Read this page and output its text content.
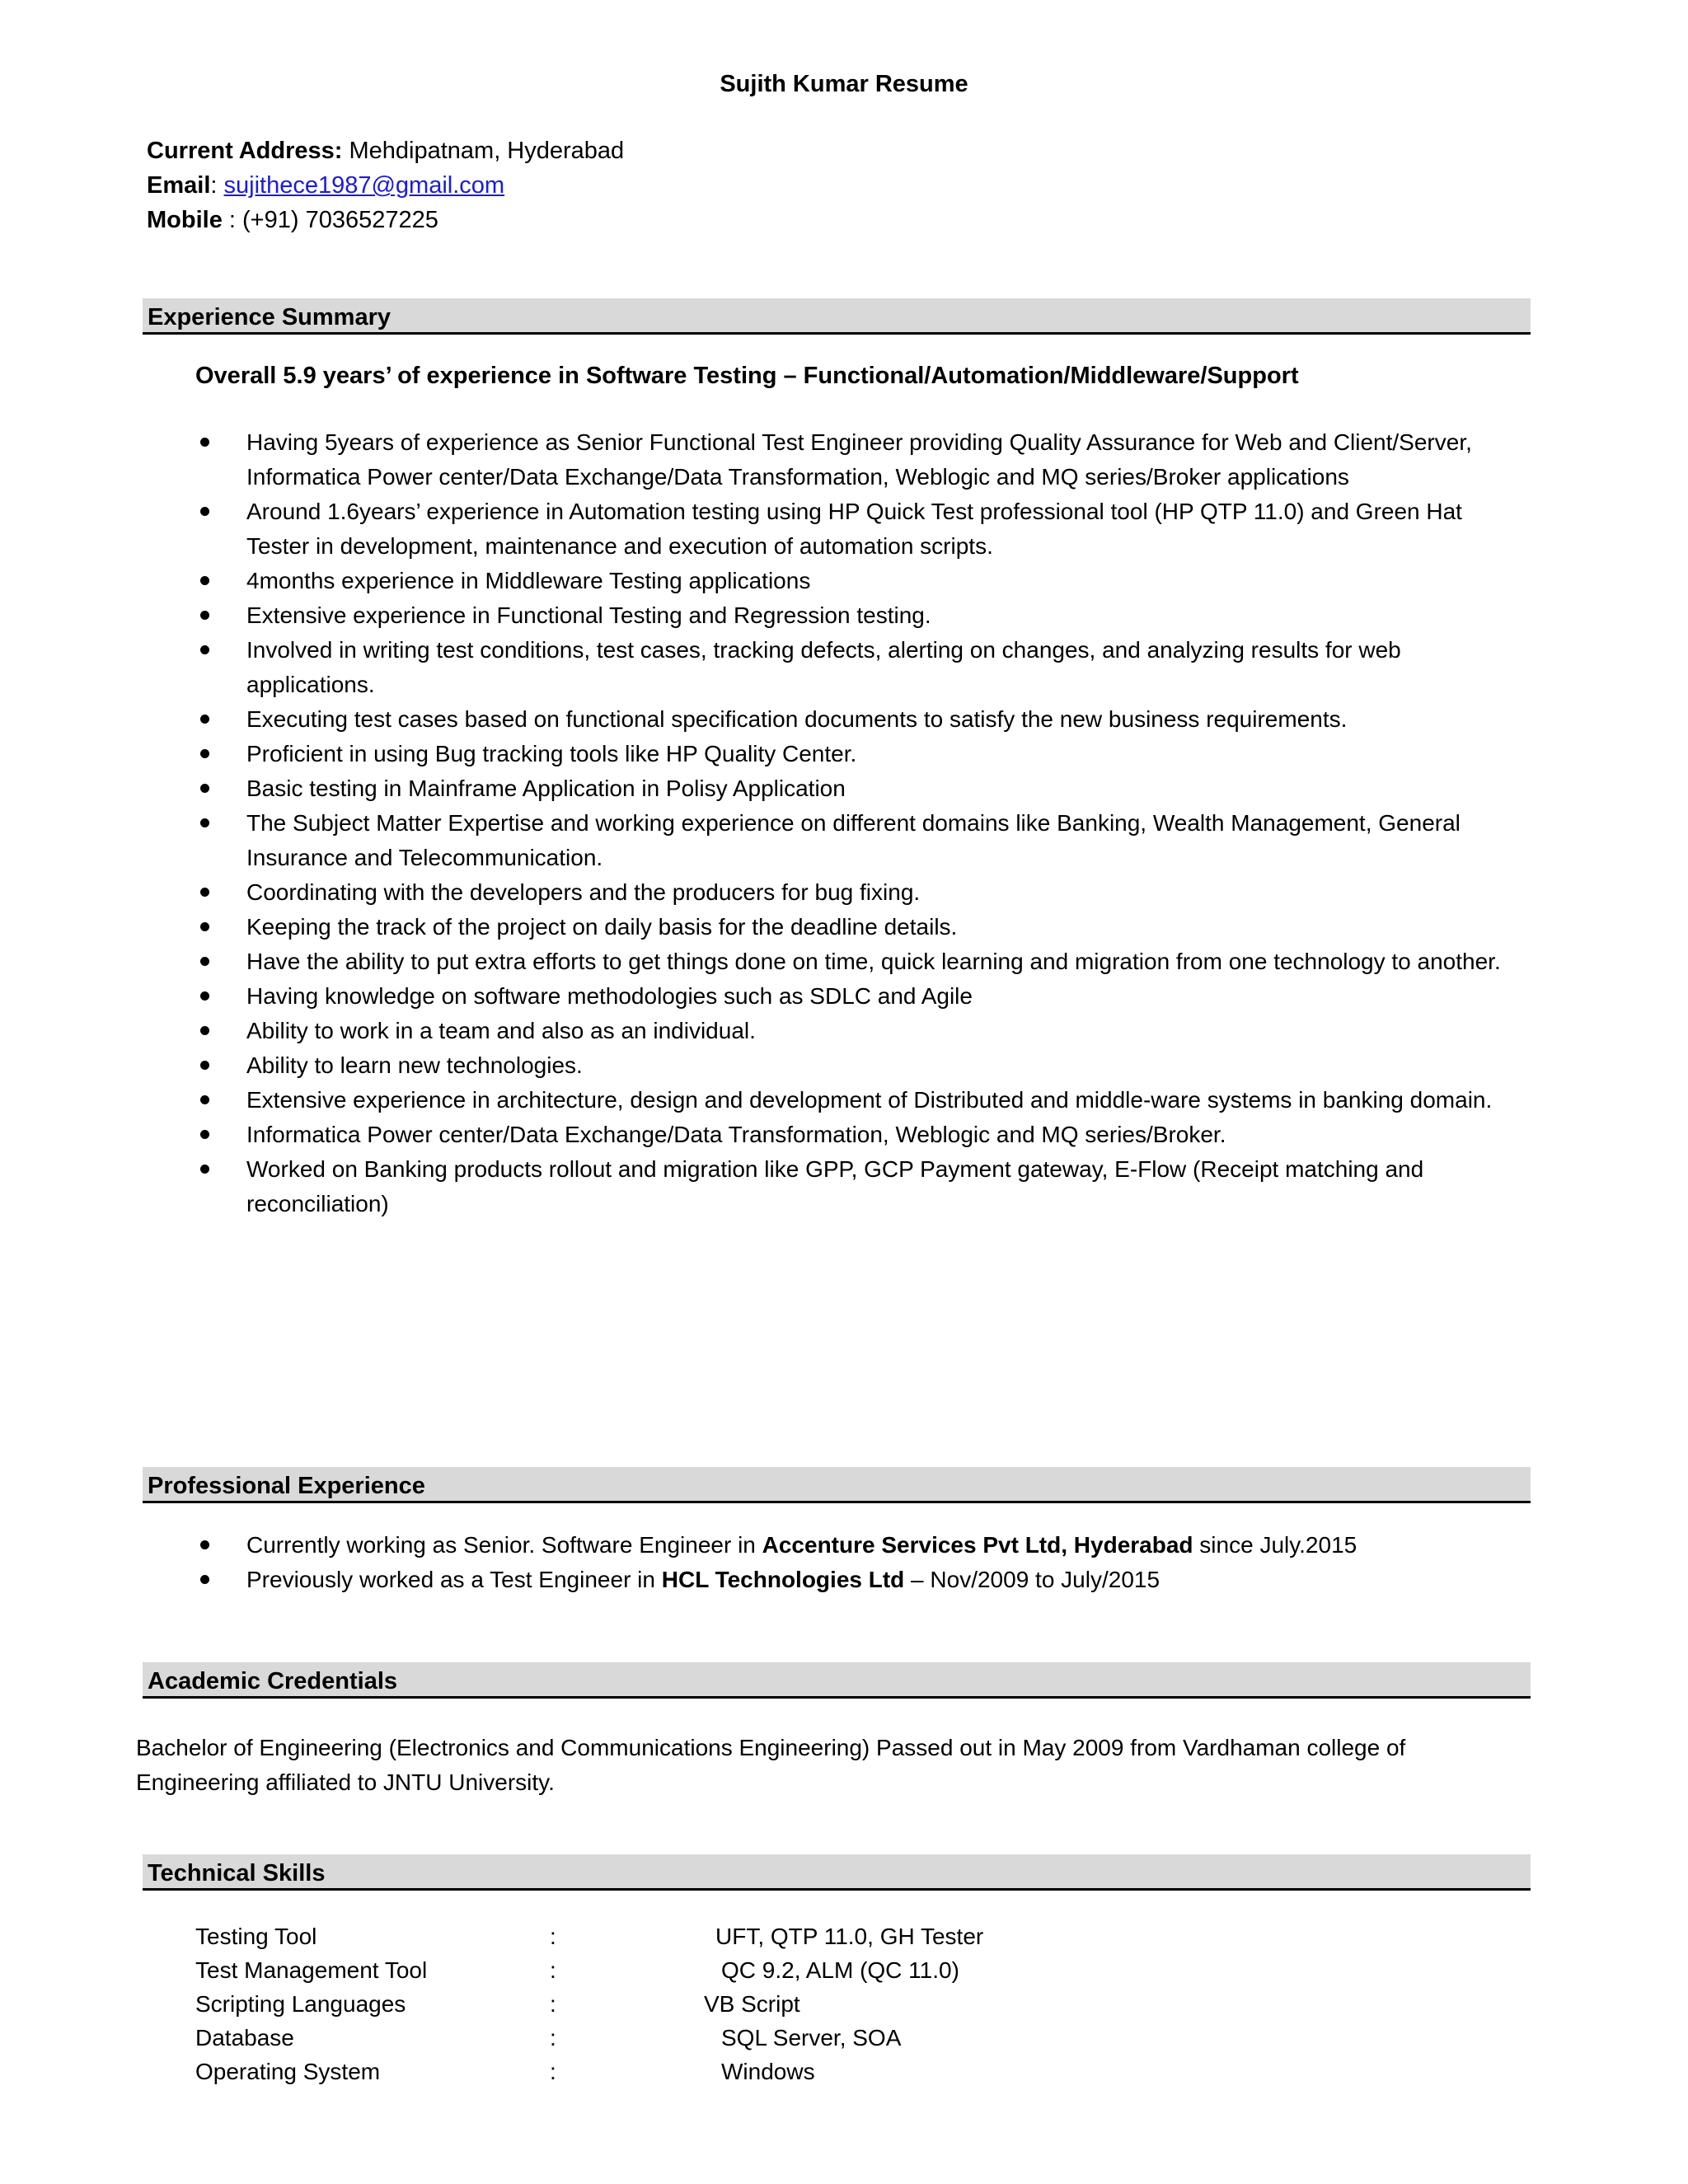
Sujith Kumar Resume
Current Address: Mehdipatnam, Hyderabad
Email: sujithece1987@gmail.com
Mobile : (+91) 7036527225
Experience Summary
Overall 5.9 years’ of experience in Software Testing – Functional/Automation/Middleware/Support
Having 5years of experience as Senior Functional Test Engineer providing Quality Assurance for Web and Client/Server, Informatica Power center/Data Exchange/Data Transformation, Weblogic and MQ series/Broker applications
Around 1.6years’ experience in Automation testing using HP Quick Test professional tool (HP QTP 11.0) and Green Hat Tester in development, maintenance and execution of automation scripts.
4months experience in Middleware Testing applications
Extensive experience in Functional Testing and Regression testing.
Involved in writing test conditions, test cases, tracking defects, alerting on changes, and analyzing results for web applications.
Executing test cases based on functional specification documents to satisfy the new business requirements.
Proficient in using Bug tracking tools like HP Quality Center.
Basic testing in Mainframe Application in Polisy Application
The Subject Matter Expertise and working experience on different domains like Banking, Wealth Management, General Insurance and Telecommunication.
Coordinating with the developers and the producers for bug fixing.
Keeping the track of the project on daily basis for the deadline details.
Have the ability to put extra efforts to get things done on time, quick learning and migration from one technology to another.
Having knowledge on software methodologies such as SDLC and Agile
Ability to work in a team and also as an individual.
Ability to learn new technologies.
Extensive experience in architecture, design and development of Distributed and middle-ware systems in banking domain.
Informatica Power center/Data Exchange/Data Transformation, Weblogic and MQ series/Broker.
Worked on Banking products rollout and migration like GPP, GCP Payment gateway, E-Flow (Receipt matching and reconciliation)
Professional Experience
Currently working as Senior. Software Engineer in Accenture Services Pvt Ltd, Hyderabad since July.2015
Previously worked as a Test Engineer in HCL Technologies Ltd – Nov/2009 to July/2015
Academic Credentials
Bachelor of Engineering (Electronics and Communications Engineering) Passed out in May 2009 from Vardhaman college of Engineering affiliated to JNTU University.
Technical Skills
Testing Tool	:	UFT, QTP 11.0, GH Tester
Test Management Tool	:	QC 9.2, ALM (QC 11.0)
Scripting Languages	:	VB Script
Database	:	SQL Server, SOA
Operating System	:	Windows
